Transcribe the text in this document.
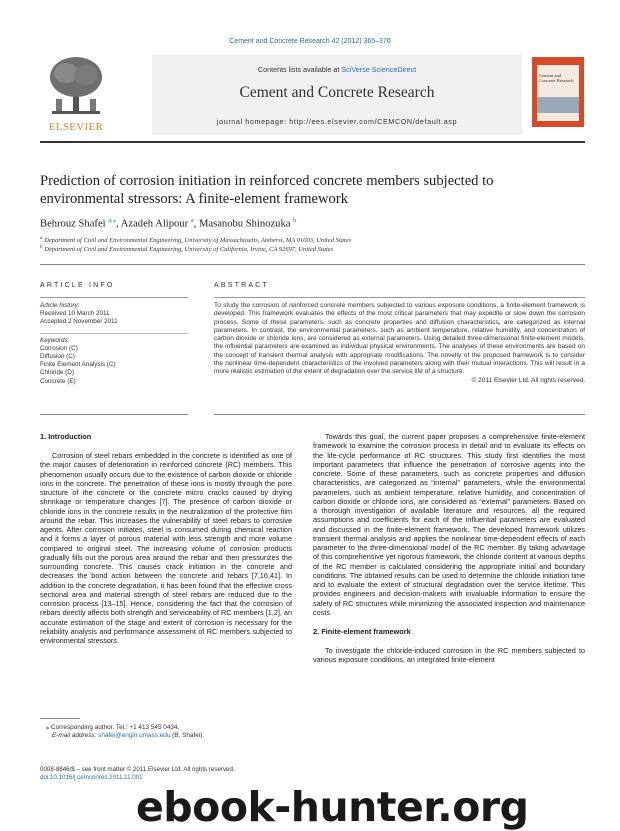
Cement and Concrete Research 42 (2012) 365–376
ELSEVIER
Contents lists available at SciVerse ScienceDirect
Cement and Concrete Research
journal homepage: http://ees.elsevier.com/CEMCON/default.asp
Cement and Concrete Research
Prediction of corrosion initiation in reinforced concrete members subjected to
environmental stressors: A finite-element framework
Behrouz Shafei $^{a,⁎}$, Azadeh Alipour $^a$, Masanobu Shinozuka $^b$
$^a$ Department of Civil and Environmental Engineering, University of Massachusetts, Amherst, MA 01003, United States
$^b$ Department of Civil and Environmental Engineering, University of California, Irvine, CA 92697, United States
ARTICLE INFO
Article history:
Received 10 March 2011
Accepted 2 November 2011
Keywords:
Corrosion (C)
Diffusion (C)
Finite Element Analysis (C)
Chloride (D)
Concrete (E)
ABSTRACT
To study the corrosion of reinforced concrete members subjected to various exposure conditions, a finite-element framework is developed. This framework evaluates the effects of the most critical parameters that may expedite or slow down the corrosion process. Some of these parameters, such as concrete properties and diffusion characteristics, are categorized as internal parameters. In contrast, the environmental parameters, such as ambient temperature, relative humidity, and concentration of carbon dioxide or chloride ions, are considered as external parameters. Using detailed three-dimensional finite-element models, the influential parameters are examined as individual physical environments. The analyses of these environments are based on the concept of transient thermal analysis with appropriate modifications. The novelty of the proposed framework is to consider the nonlinear time-dependent characteristics of the involved parameters along with their mutual interactions. This will result in a more realistic estimation of the extent of degradation over the service life of a structure.
© 2011 Elsevier Ltd. All rights reserved.
1. Introduction

Corrosion of steel rebars embedded in the concrete is identified as one of the major causes of deterioration in reinforced concrete (RC) members. This phenomenon usually occurs due to the existence of carbon dioxide or chloride ions in the concrete. The penetration of these ions is mostly through the pore structure of the concrete or the concrete micro cracks caused by drying shrinkage or temperature changes [7]. The presence of carbon dioxide or chloride ions in the concrete results in the neutralization of the protective film around the rebar. This increases the vulnerability of steel rebars to corrosive agents. After corrosion initiates, steel is consumed during chemical reaction and it forms a layer of porous material with less strength and more volume compared to original steel. The increasing volume of corrosion products gradually fills out the porous area around the rebar and then pressurizes the surrounding concrete. This causes crack initiation in the concrete and decreases the bond action between the concrete and rebars [7,16,41]. In addition to the concrete degradation, it has been found that the effective cross sectional area and material strength of steel rebars are reduced due to the corrosion process [13–15]. Hence, considering the fact that the corrosion of rebars directly affects both strength and serviceability of RC members [1,2], an accurate estimation of the stage and extent of corrosion is necessary for the reliability analysis and performance assessment of RC members subjected to environmental stressors.

Towards this goal, the current paper proposes a comprehensive finite-element framework to examine the corrosion process in detail and to evaluate its effects on the life-cycle performance of RC structures. This study first identifies the most important parameters that influence the penetration of corrosive agents into the concrete. Some of these parameters, such as concrete properties and diffusion characteristics, are categorized as “internal” parameters, while the environmental parameters, such as ambient temperature, relative humidity, and concentration of carbon dioxide or chloride ions, are considered as “external” parameters. Based on a thorough investigation of available literature and resources, all the required assumptions and coefficients for each of the influential parameters are evaluated and discussed in the finite-element framework. The developed framework utilizes transient thermal analysis and applies the nonlinear time-dependent effects of each parameter to the three-dimensional model of the RC member. By taking advantage of this comprehensive yet rigorous framework, the chloride content at various depths of the RC member is calculated considering the appropriate initial and boundary conditions. The obtained results can be used to determine the chloride initiation time and to evaluate the extent of structural degradation over the service lifetime. This provides engineers and decision-makers with invaluable information to ensure the safety of RC structures while minimizing the associated inspection and maintenance costs.

2. Finite-element framework

To investigate the chloride-induced corrosion in the RC members subjected to various exposure conditions, an integrated finite-element

⁎ Corresponding author. Tel.: +1 413 545 0434.
E-mail address: shafei@engin.umass.edu (B. Shafei).
0008-8846/$ – see front matter © 2011 Elsevier Ltd. All rights reserved.
doi:10.1016/j.cemconres.2011.11.001
ebook-hunter.org
